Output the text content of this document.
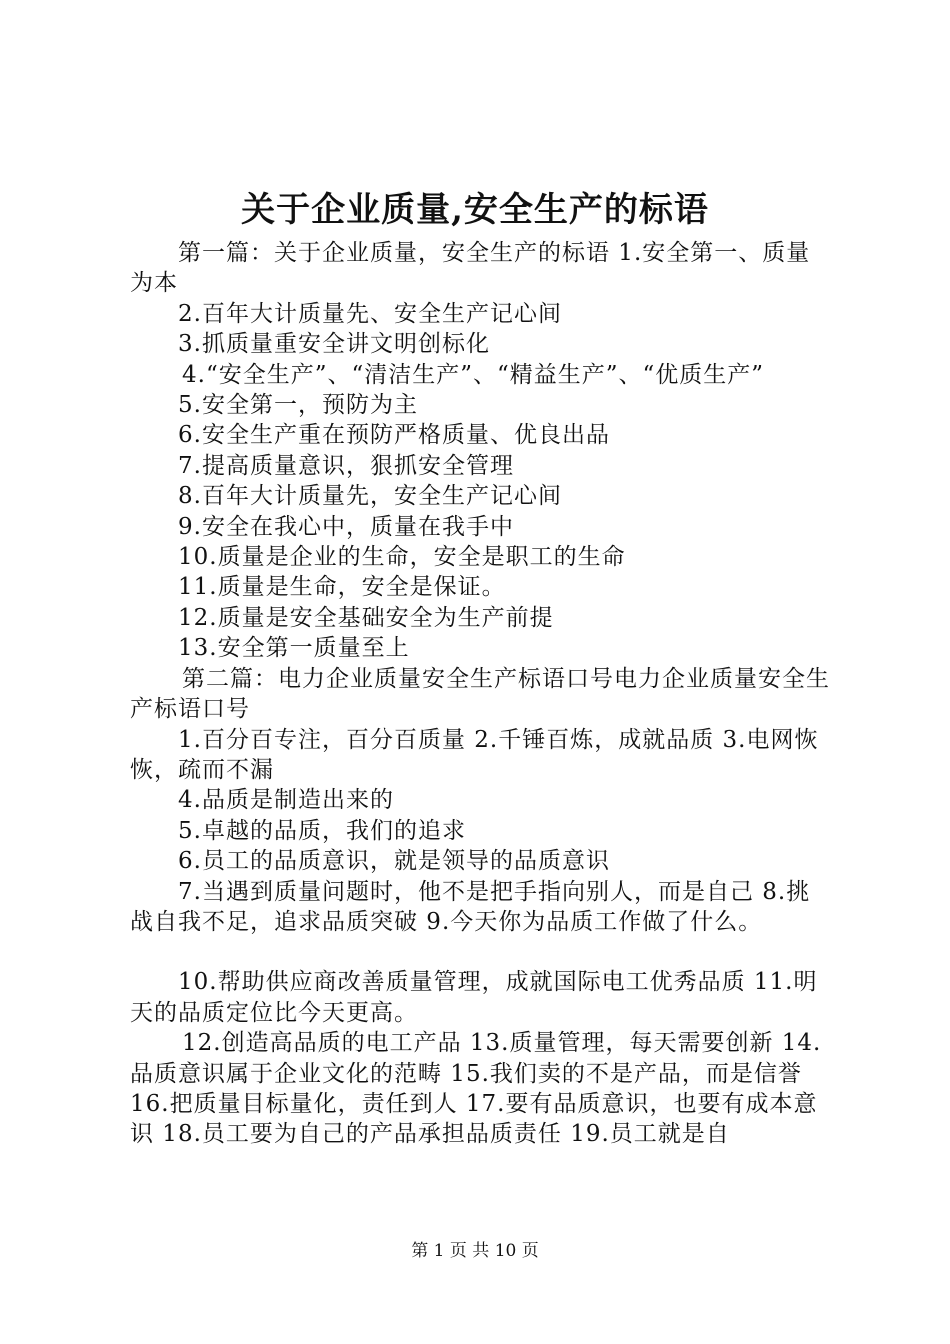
关于企业质量,安全生产的标语

第一篇：关于企业质量，安全生产的标语 1.安全第一、质量为本

2.百年大计质量先、安全生产记心间

3.抓质量重安全讲文明创标化

4.“安全生产”、“清洁生产”、“精益生产”、“优质生产”

5.安全第一，预防为主

6.安全生产重在预防严格质量、优良出品

7.提高质量意识，狠抓安全管理

8.百年大计质量先，安全生产记心间

9.安全在我心中，质量在我手中

10.质量是企业的生命，安全是职工的生命

11.质量是生命，安全是保证。

12.质量是安全基础安全为生产前提

13.安全第一质量至上

第二篇：电力企业质量安全生产标语口号电力企业质量安全生产标语口号

1.百分百专注，百分百质量 2.千锤百炼，成就品质 3.电网恢恢，疏而不漏

4.品质是制造出来的

5.卓越的品质，我们的追求

6.员工的品质意识，就是领导的品质意识

7.当遇到质量问题时，他不是把手指向别人，而是自己 8.挑战自我不足，追求品质突破 9.今天你为品质工作做了什么。

10.帮助供应商改善质量管理，成就国际电工优秀品质 11.明天的品质定位比今天更高。

12.创造高品质的电工产品 13.质量管理，每天需要创新 14.品质意识属于企业文化的范畴 15.我们卖的不是产品，而是信誉 16.把质量目标量化，责任到人 17.要有品质意识，也要有成本意识 18.员工要为自己的产品承担品质责任 19.员工就是自

第 1 页 共 10 页
